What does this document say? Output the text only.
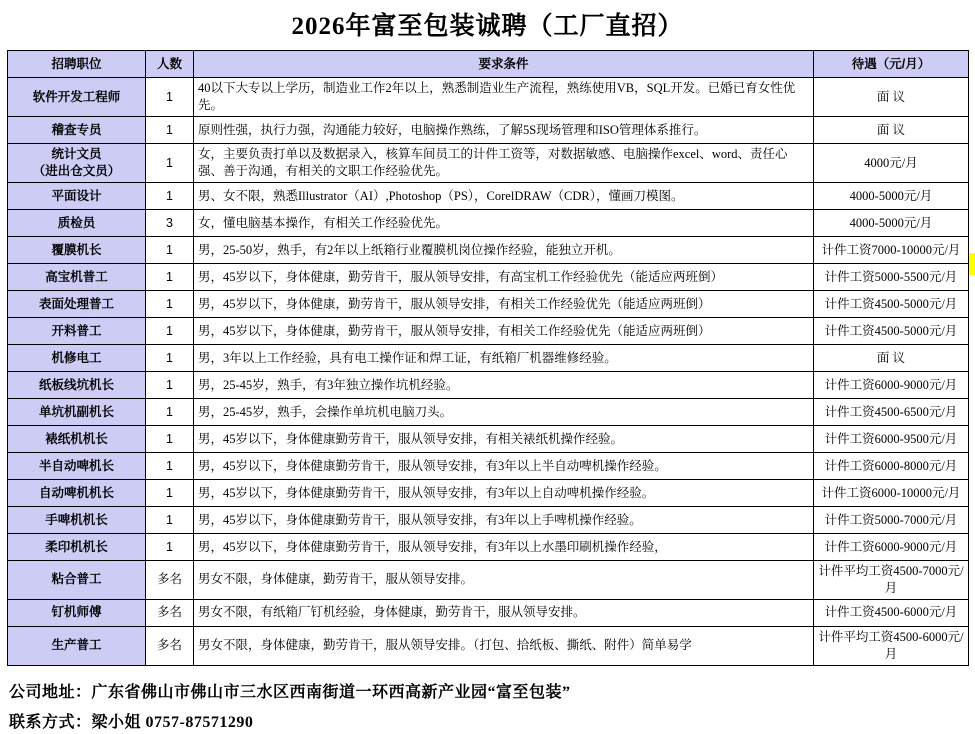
2026年富至包装诚聘（工厂直招）
招聘职位	人数	要求条件	待遇（元/月）
软件开发工程师	1	40以下大专以上学历，制造业工作2年以上，熟悉制造业生产流程，熟练使用VB，SQL开发。已婚已育女性优先。	面 议
稽查专员	1	原则性强，执行力强，沟通能力较好，电脑操作熟练，了解5S现场管理和ISO管理体系推行。	面 议
统计文员
（进出仓文员）	1	女，主要负责打单以及数据录入，核算车间员工的计件工资等，对数据敏感、电脑操作excel、word、责任心强、善于沟通，有相关的文职工作经验优先。	4000元/月
平面设计	1	男、女不限，熟悉Illustrator（AI）,Photoshop（PS），CorelDRAW（CDR），懂画刀模图。	4000-5000元/月
质检员	3	女，懂电脑基本操作，有相关工作经验优先。	4000-5000元/月
覆膜机长	1	男，25-50岁，熟手，有2年以上纸箱行业覆膜机岗位操作经验，能独立开机。	计件工资7000-10000元/月
高宝机普工	1	男，45岁以下，身体健康，勤劳肯干，服从领导安排，有高宝机工作经验优先（能适应两班倒）	计件工资5000-5500元/月
表面处理普工	1	男，45岁以下，身体健康，勤劳肯干，服从领导安排，有相关工作经验优先（能适应两班倒）	计件工资4500-5000元/月
开料普工	1	男，45岁以下，身体健康，勤劳肯干，服从领导安排，有相关工作经验优先（能适应两班倒）	计件工资4500-5000元/月
机修电工	1	男，3年以上工作经验，具有电工操作证和焊工证，有纸箱厂机器维修经验。	面 议
纸板线坑机长	1	男，25-45岁，熟手，有3年独立操作坑机经验。	计件工资6000-9000元/月
单坑机副机长	1	男，25-45岁，熟手，会操作单坑机电脑刀头。	计件工资4500-6500元/月
裱纸机机长	1	男，45岁以下，身体健康勤劳肯干，服从领导安排，有相关裱纸机操作经验。	计件工资6000-9500元/月
半自动啤机长	1	男，45岁以下，身体健康勤劳肯干，服从领导安排，有3年以上半自动啤机操作经验。	计件工资6000-8000元/月
自动啤机机长	1	男，45岁以下，身体健康勤劳肯干，服从领导安排，有3年以上自动啤机操作经验。	计件工资6000-10000元/月
手啤机机长	1	男，45岁以下，身体健康勤劳肯干，服从领导安排，有3年以上手啤机操作经验。	计件工资5000-7000元/月
柔印机机长	1	男，45岁以下，身体健康勤劳肯干，服从领导安排，有3年以上水墨印刷机操作经验，	计件工资6000-9000元/月
粘合普工	多名	男女不限，身体健康，勤劳肯干，服从领导安排。	计件平均工资4500-7000元/月
钉机师傅	多名	男女不限，有纸箱厂钉机经验，身体健康，勤劳肯干，服从领导安排。	计件工资4500-6000元/月
生产普工	多名	男女不限，身体健康，勤劳肯干，服从领导安排。（打包、拾纸板、撕纸、附件）简单易学	计件平均工资4500-6000元/月
公司地址：广东省佛山市佛山市三水区西南街道一环西高新产业园“富至包装”
联系方式：梁小姐 0757-87571290
